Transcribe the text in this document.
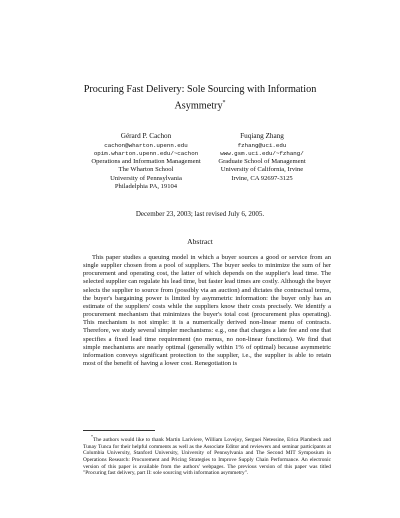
Procuring Fast Delivery: Sole Sourcing with Information Asymmetry*
Gérard P. Cachon
cachon@wharton.upenn.edu
opim.wharton.upenn.edu/~cachon
Operations and Information Management
The Wharton School
University of Pennsylvania
Philadelphia PA, 19104
Fuqiang Zhang
fzhang@uci.edu
www.gsm.uci.edu/~fzhang/
Graduate School of Management
University of California, Irvine
Irvine, CA 92697-3125
December 23, 2003; last revised July 6, 2005.
Abstract

This paper studies a queuing model in which a buyer sources a good or service from an single supplier chosen from a pool of suppliers. The buyer seeks to minimize the sum of her procurement and operating cost, the latter of which depends on the supplier's lead time. The selected supplier can regulate his lead time, but faster lead times are costly. Although the buyer selects the supplier to source from (possibly via an auction) and dictates the contractual terms, the buyer's bargaining power is limited by asymmetric information: the buyer only has an estimate of the suppliers' costs while the suppliers know their costs precisely. We identify a procurement mechanism that minimizes the buyer's total cost (procurement plus operating). This mechanism is not simple: it is a numerically derived non-linear menu of contracts. Therefore, we study several simpler mechanisms: e.g., one that charges a late fee and one that specifies a fixed lead time requirement (no menus, no non-linear functions). We find that simple mechanisms are nearly optimal (generally within 1% of optimal) because asymmetric information conveys significant protection to the supplier, i.e., the supplier is able to retain most of the benefit of having a lower cost. Renegotiation is

*The authors would like to thank Martin Lariviere, William Lovejoy, Serguei Netessine, Erica Plambeck and Tunay Tunca for their helpful comments as well as the Associate Editor and reviewers and seminar participants at Columbia University, Stanford University, University of Pennsylvania and The Second MIT Symposium in Operations Research: Procurement and Pricing Strategies to Improve Supply Chain Performance. An electronic version of this paper is available from the authors' webpages. The previous version of this paper was titled "Procuring fast delivery, part II: sole sourcing with information asymmetry".
